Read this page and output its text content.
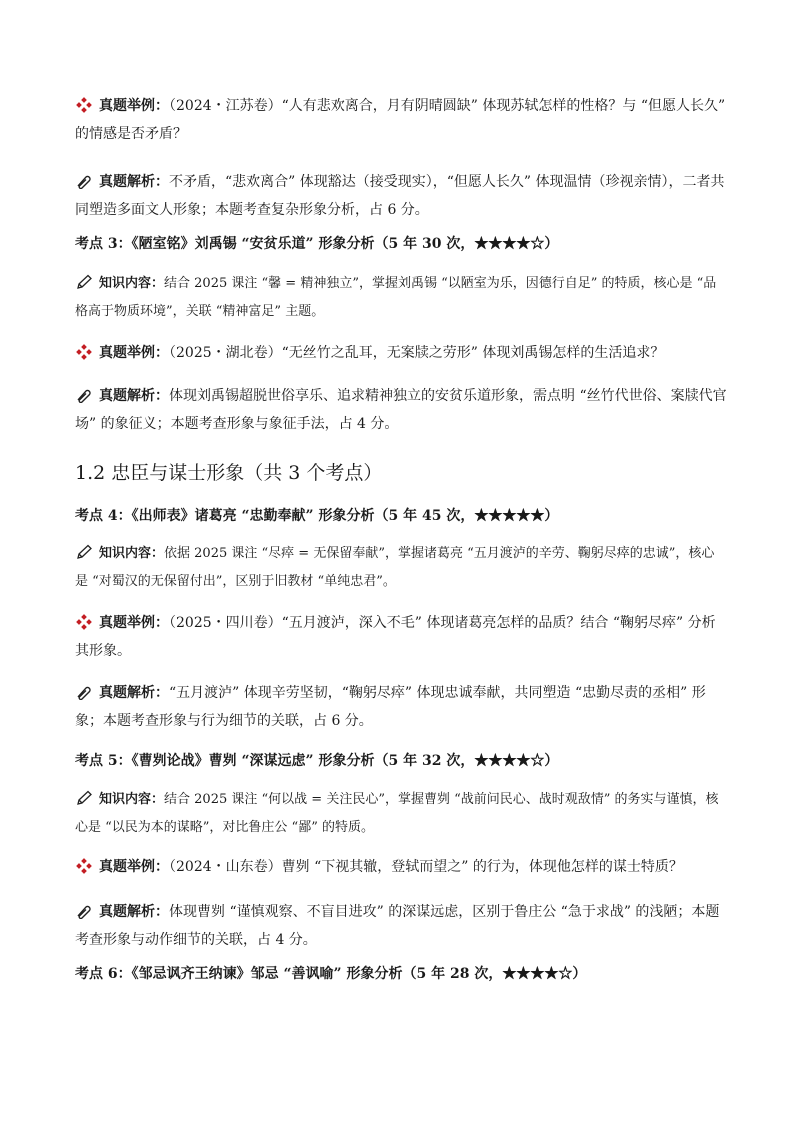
真题举例：（2024・江苏卷）“人有悲欢离合，月有阴晴圆缺” 体现苏轼怎样的性格？与 “但愿人长久” 的情感是否矛盾？

真题解析：不矛盾，“悲欢离合” 体现豁达（接受现实），“但愿人长久” 体现温情（珍视亲情），二者共同塑造多面文人形象；本题考查复杂形象分析，占 6 分。

考点 3：《陋室铭》刘禹锡 “安贫乐道” 形象分析（5 年 30 次，★★★★☆）

知识内容：结合 2025 课注 “馨 = 精神独立”，掌握刘禹锡 “以陋室为乐，因德行自足” 的特质，核心是 “品格高于物质环境”，关联 “精神富足” 主题。

真题举例：（2025・湖北卷）“无丝竹之乱耳，无案牍之劳形” 体现刘禹锡怎样的生活追求？

真题解析：体现刘禹锡超脱世俗享乐、追求精神独立的安贫乐道形象，需点明 “丝竹代世俗、案牍代官场” 的象征义；本题考查形象与象征手法，占 4 分。

1.2 忠臣与谋士形象（共 3 个考点）

考点 4：《出师表》诸葛亮 “忠勤奉献” 形象分析（5 年 45 次，★★★★★）

知识内容：依据 2025 课注 “尽瘁 = 无保留奉献”，掌握诸葛亮 “五月渡泸的辛劳、鞠躬尽瘁的忠诚”，核心是 “对蜀汉的无保留付出”，区别于旧教材 “单纯忠君”。

真题举例：（2025・四川卷）“五月渡泸，深入不毛” 体现诸葛亮怎样的品质？结合 “鞠躬尽瘁” 分析其形象。

真题解析：“五月渡泸” 体现辛劳坚韧，“鞠躬尽瘁” 体现忠诚奉献，共同塑造 “忠勤尽责的丞相” 形象；本题考查形象与行为细节的关联，占 6 分。

考点 5：《曹刿论战》曹刿 “深谋远虑” 形象分析（5 年 32 次，★★★★☆）

知识内容：结合 2025 课注 “何以战 = 关注民心”，掌握曹刿 “战前问民心、战时观敌情” 的务实与谨慎，核心是 “以民为本的谋略”，对比鲁庄公 “鄙” 的特质。

真题举例：（2024・山东卷）曹刿 “下视其辙，登轼而望之” 的行为，体现他怎样的谋士特质？

真题解析：体现曹刿 “谨慎观察、不盲目进攻” 的深谋远虑，区别于鲁庄公 “急于求战” 的浅陋；本题考查形象与动作细节的关联，占 4 分。

考点 6：《邹忌讽齐王纳谏》邹忌 “善讽喻” 形象分析（5 年 28 次，★★★★☆）
